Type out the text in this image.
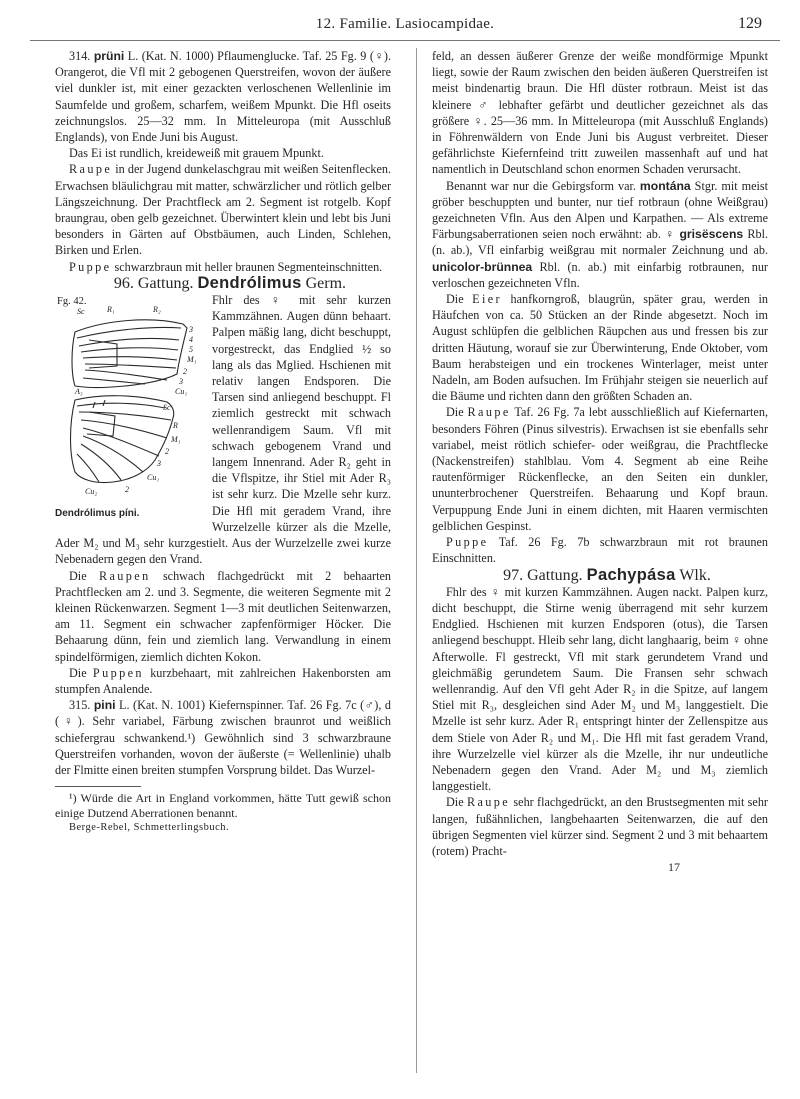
12. Familie. Lasiocampidae.	129

314. prüni L. (Kat. N. 1000) Pflaumenglucke. Taf. 25 Fg. 9 (♀). Orangerot, die Vfl mit 2 gebogenen Querstreifen, wovon der äußere viel dunkler ist, mit einer gezackten verloschenen Wellenlinie im Saumfelde und großem, scharfem, weißem Mpunkt. Die Hfl oseits zeichnungslos. 25—32 mm. In Mitteleuropa (mit Ausschluß Englands), von Ende Juni bis August.

Das Ei ist rundlich, kreideweiß mit grauem Mpunkt.

Raupe in der Jugend dunkelaschgrau mit weißen Seitenflecken. Erwachsen bläulichgrau mit matter, schwärzlicher und rötlich gelber Längszeichnung. Der Prachtfleck am 2. Segment ist rotgelb. Kopf braungrau, oben gelb gezeichnet. Überwintert klein und lebt bis Juni besonders in Gärten auf Obstbäumen, auch Linden, Schlehen, Birken und Erlen.

Puppe schwarzbraun mit heller braunen Segmenteinschnitten.

96. Gattung. Dendrólimus Germ.

Fg. 42.
Sc	R₁	R₂
3
4
5
M₁
2
3
Cu₁
Sc
R
M₁
2
3
Cu₁
2
Cu₂
A₃
Dendrólimus píni.
Fhlr des ♀ mit sehr kurzen Kammzähnen. Augen dünn behaart. Palpen mäßig lang, dicht beschuppt, vorgestreckt, das Endglied ½ so lang als das Mglied. Hschienen mit relativ langen Endsporen. Die Tarsen sind anliegend beschuppt. Fl ziemlich gestreckt mit schwach wellenrandigem Saum. Vfl mit schwach gebogenem Vrand und langem Innenrand. Ader R₂ geht in die Vflspitze, ihr Stiel mit Ader R₃ ist sehr kurz. Die Mzelle sehr kurz. Die Hfl mit geradem Vrand, ihre Wurzelzelle kürzer als die Mzelle, Ader M₂ und M₃ sehr kurzgestielt. Aus der Wurzelzelle zwei kurze Nebenadern gegen den Vrand.

Die Raupen schwach flachgedrückt mit 2 behaarten Prachtflecken am 2. und 3. Segmente, die weiteren Segmente mit 2 kleinen Rückenwarzen. Segment 1—3 mit deutlichen Seitenwarzen, am 11. Segment ein schwacher zapfenförmiger Höcker. Die Behaarung dünn, fein und ziemlich lang. Verwandlung in einem spindelförmigen, ziemlich dichten Kokon.

Die Puppen kurzbehaart, mit zahlreichen Hakenborsten am stumpfen Analende.

315. pini L. (Kat. N. 1001) Kiefernspinner. Taf. 26 Fg. 7c (♂), d (♀). Sehr variabel, Färbung zwischen braunrot und weißlich schiefergrau schwankend.¹) Gewöhnlich sind 3 schwarzbraune Querstreifen vorhanden, wovon der äußerste (= Wellenlinie) uhalb der Flmitte einen breiten stumpfen Vorsprung bildet. Das Wurzel-

¹) Würde die Art in England vorkommen, hätte Tutt gewiß schon einige Dutzend Aberrationen benannt.

Berge-Rebel, Schmetterlingsbuch.

feld, an dessen äußerer Grenze der weiße mondförmige Mpunkt liegt, sowie der Raum zwischen den beiden äußeren Querstreifen ist meist bindenartig braun. Die Hfl düster rotbraun. Meist ist das kleinere ♂ lebhafter gefärbt und deutlicher gezeichnet als das größere ♀. 25—36 mm. In Mitteleuropa (mit Ausschluß Englands) in Föhrenwäldern von Ende Juni bis August verbreitet. Dieser gefährlichste Kiefernfeind tritt zuweilen massenhaft auf und hat namentlich in Deutschland schon enormen Schaden verursacht.

Benannt war nur die Gebirgsform var. montána Stgr. mit meist gröber beschuppten und bunter, nur tief rotbraun (ohne Weißgrau) gezeichneten Vfln. Aus den Alpen und Karpathen. — Als extreme Färbungsaberrationen seien noch erwähnt: ab. ♀ grisëscens Rbl. (n. ab.), Vfl einfarbig weißgrau mit normaler Zeichnung und ab. unicolor-brünnea Rbl. (n. ab.) mit einfarbig rotbraunen, nur verloschen gezeichneten Vfln.

Die Eier hanfkorngroß, blaugrün, später grau, werden in Häufchen von ca. 50 Stücken an der Rinde abgesetzt. Noch im August schlüpfen die gelblichen Räupchen aus und fressen bis zur dritten Häutung, worauf sie zur Überwinterung, Ende Oktober, vom Baum herabsteigen und ein trockenes Winterlager, meist unter Nadeln, am Boden aufsuchen. Im Frühjahr steigen sie neuerlich auf die Bäume und richten dann den größten Schaden an.

Die Raupe Taf. 26 Fg. 7a lebt ausschließlich auf Kiefernarten, besonders Föhren (Pinus silvestris). Erwachsen ist sie ebenfalls sehr variabel, meist rötlich schiefer- oder weißgrau, die Prachtflecke (Nackenstreifen) stahlblau. Vom 4. Segment ab eine Reihe rautenförmiger Rückenflecke, an den Seiten ein dunkler, ununterbrochener Querstreifen. Behaarung und Kopf braun. Verpuppung Ende Juni in einem dichten, mit Haaren vermischten gelblichen Gespinst.

Puppe Taf. 26 Fg. 7b schwarzbraun mit rot braunen Einschnitten.

97. Gattung. Pachypása Wlk.

Fhlr des ♀ mit kurzen Kammzähnen. Augen nackt. Palpen kurz, dicht beschuppt, die Stirne wenig überragend mit sehr kurzem Endglied. Hschienen mit kurzen Endsporen (otus), die Tarsen anliegend beschuppt. Hleib sehr lang, dicht langhaarig, beim ♀ ohne Afterwolle. Fl gestreckt, Vfl mit stark gerundetem Vrand und gleichmäßig gerundetem Saum. Die Fransen sehr schwach wellenrandig. Auf den Vfl geht Ader R₂ in die Spitze, auf langem Stiel mit R₃, desgleichen sind Ader M₂ und M₃ langgestielt. Die Mzelle ist sehr kurz. Ader R₁ entspringt hinter der Zellenspitze aus dem Stiele von Ader R₂ und M₁. Die Hfl mit fast geradem Vrand, ihre Wurzelzelle viel kürzer als die Mzelle, ihr nur undeutliche Nebenadern gegen den Vrand. Ader M₂ und M₃ ziemlich langgestielt.

Die Raupe sehr flachgedrückt, an den Brustsegmenten mit sehr langen, fußähnlichen, langbehaarten Seitenwarzen, die auf den übrigen Segmenten viel kürzer sind. Segment 2 und 3 mit behaartem (rotem) Pracht-

17
